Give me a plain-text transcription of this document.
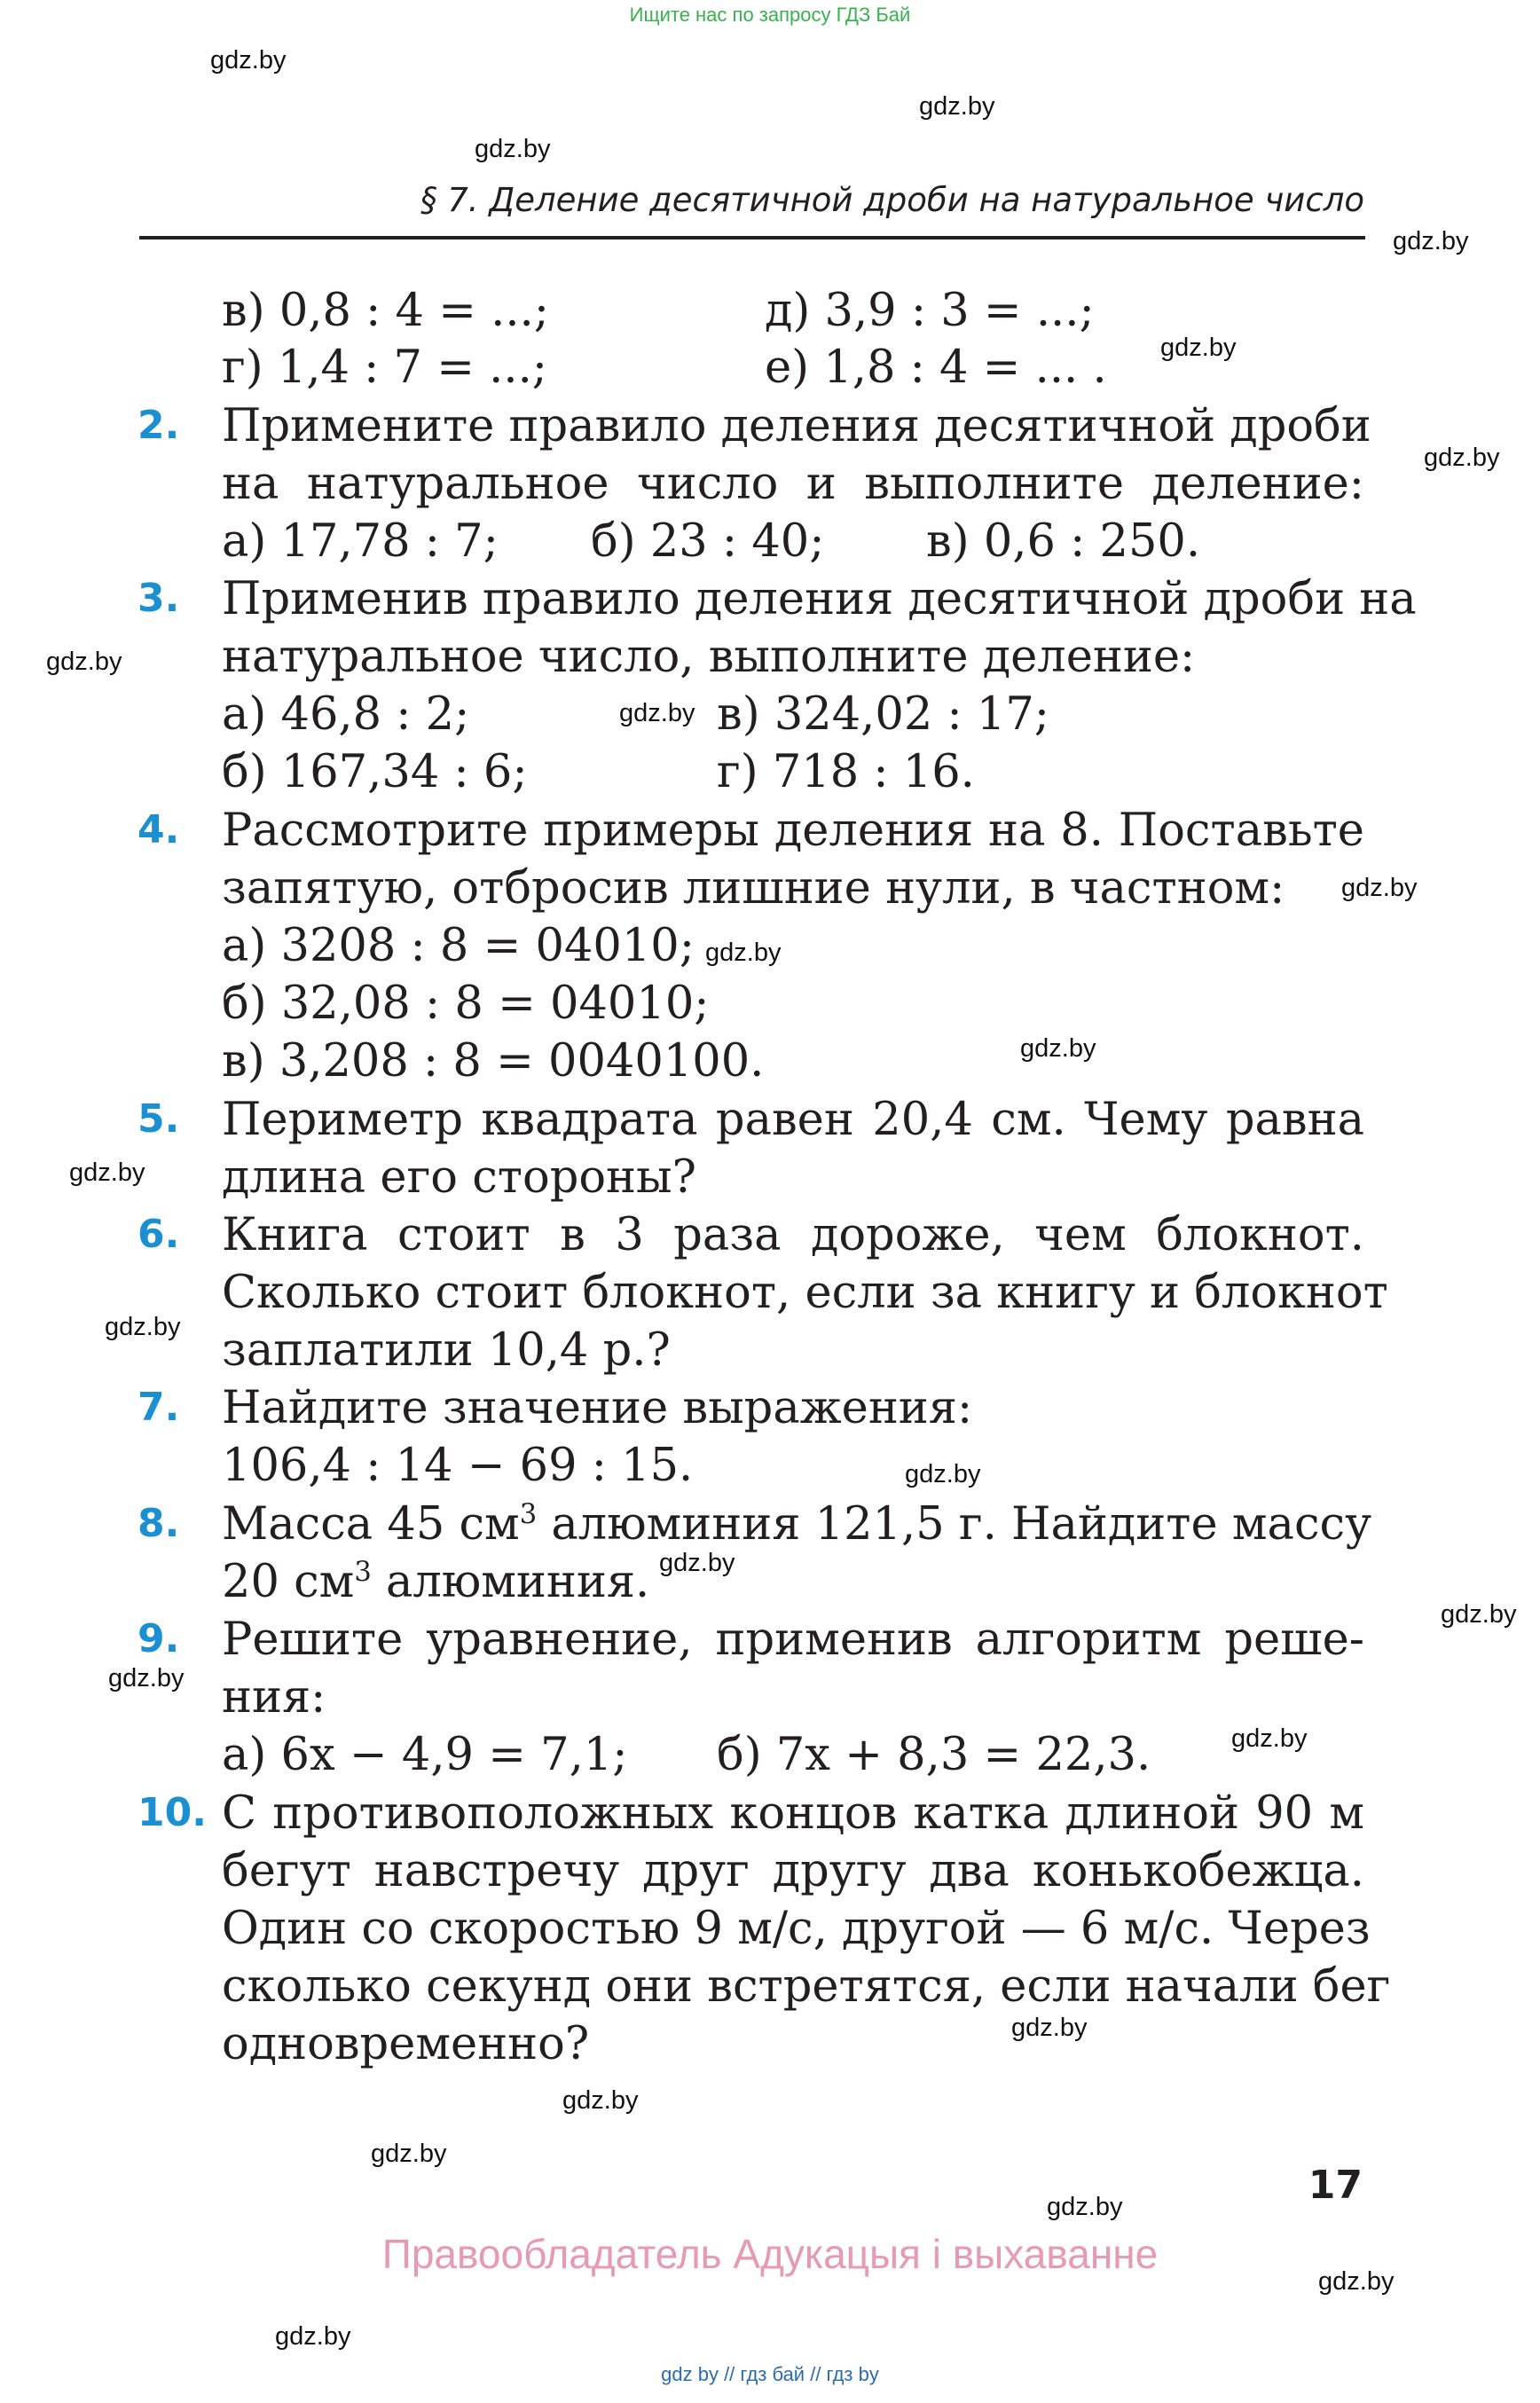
Ищите нас по запросу ГДЗ Бай
gdz.by
gdz.by
gdz.by
gdz.by
gdz.by
gdz.by
gdz.by
gdz.by
gdz.by
gdz.by
gdz.by
gdz.by
gdz.by
gdz.by
gdz.by
gdz.by
gdz.by
gdz.by
gdz.by
gdz.by
gdz.by
gdz.by
gdz.by
gdz.by
§ 7. Деление десятичной дроби на натуральное число
в) 0,8 : 4 = ...;	д) 3,9 : 3 = ...;
г) 1,4 : 7 = ...;	е) 1,8 : 4 = ... .
2. Примените правило деления десятичной дроби
на натуральное число и выполните деление:
а) 17,78 : 7; б) 23 : 40; в) 0,6 : 250.
3. Применив правило деления десятичной дроби на
натуральное число, выполните деление:
а) 46,8 : 2;	в) 324,02 : 17;
б) 167,34 : 6;	г) 718 : 16.
4. Рассмотрите примеры деления на 8. Поставьте
запятую, отбросив лишние нули, в частном:
а) 3208 : 8 = 04010;
б) 32,08 : 8 = 04010;
в) 3,208 : 8 = 0040100.
5. Периметр квадрата равен 20,4 см. Чему равна
длина его стороны?
6. Книга стоит в 3 раза дороже, чем блокнот.
Сколько стоит блокнот, если за книгу и блокнот
заплатили 10,4 р.?
7. Найдите значение выражения:
106,4 : 14 − 69 : 15.
8. Масса 45 $см^3$ алюминия 121,5 г. Найдите массу
20 $см^3$ алюминия.
9. Решите уравнение, применив алгоритм реше-
ния:
а) 6x − 4,9 = 7,1; б) 7x + 8,3 = 22,3.
10. С противоположных концов катка длиной 90 м
бегут навстречу друг другу два конькобежца.
Один со скоростью 9 м/с, другой — 6 м/с. Через
сколько секунд они встретятся, если начали бег
одновременно?
17
Правообладатель Адукацыя і выхаванне
gdz by // гдз бай // гдз by
